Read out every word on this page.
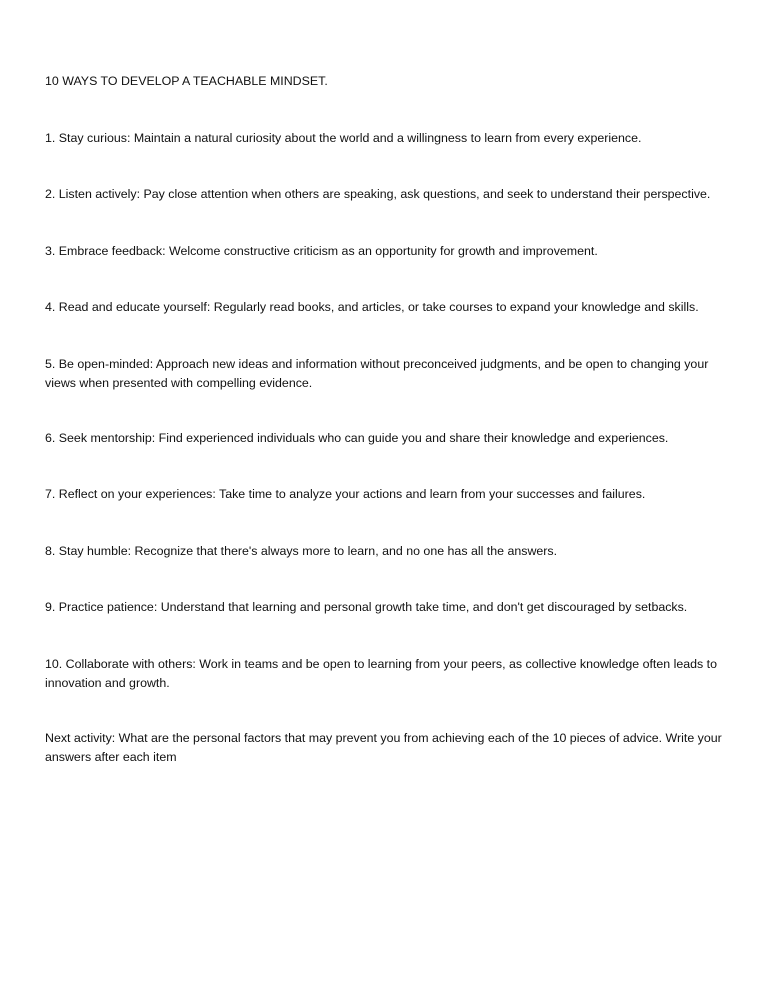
10 WAYS TO DEVELOP A TEACHABLE MINDSET.

1. Stay curious: Maintain a natural curiosity about the world and a willingness to learn from every experience.

2. Listen actively: Pay close attention when others are speaking, ask questions, and seek to understand their perspective.

3. Embrace feedback: Welcome constructive criticism as an opportunity for growth and improvement.

4. Read and educate yourself: Regularly read books, and articles, or take courses to expand your knowledge and skills.

5. Be open-minded: Approach new ideas and information without preconceived judgments, and be open to changing your views when presented with compelling evidence.

6. Seek mentorship: Find experienced individuals who can guide you and share their knowledge and experiences.

7. Reflect on your experiences: Take time to analyze your actions and learn from your successes and failures.

8. Stay humble: Recognize that there's always more to learn, and no one has all the answers.

9. Practice patience: Understand that learning and personal growth take time, and don't get discouraged by setbacks.

10. Collaborate with others: Work in teams and be open to learning from your peers, as collective knowledge often leads to innovation and growth.

Next activity: What are the personal factors that may prevent you from achieving each of the 10 pieces of advice. Write your answers after each item
